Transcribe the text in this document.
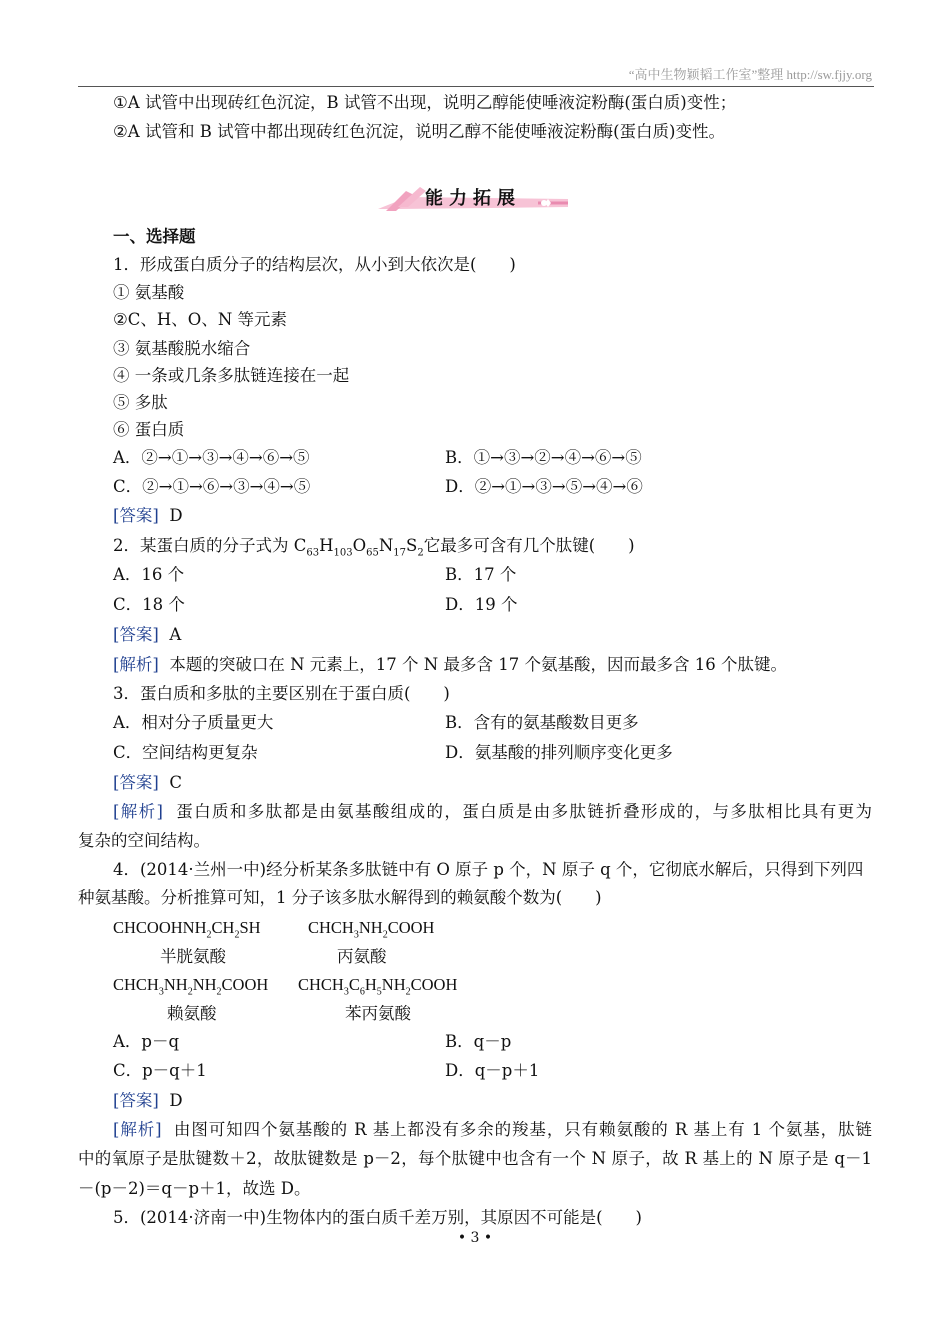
“高中生物颖韬工作室”整理 http://sw.fjjy.org
①A 试管中出现砖红色沉淀，B 试管不出现，说明乙醇能使唾液淀粉酶(蛋白质)变性；
②A 试管和 B 试管中都出现砖红色沉淀，说明乙醇不能使唾液淀粉酶(蛋白质)变性。
能力拓展
一、选择题
1．形成蛋白质分子的结构层次，从小到大依次是(　　)
① 氨基酸
②C、H、O、N 等元素
③ 氨基酸脱水缩合
④ 一条或几条多肽链连接在一起
⑤ 多肽
⑥ 蛋白质
A．②→①→③→④→⑥→⑤	B．①→③→②→④→⑥→⑤
C．②→①→⑥→③→④→⑤	D．②→①→③→⑤→④→⑥
[答案] D
2．某蛋白质的分子式为 $C_{63}H_{103}O_{65}N_{17}S_2$它最多可含有几个肽键(　　)
A．16 个	B．17 个
C．18 个	D．19 个
[答案] A
[解析] 本题的突破口在 N 元素上，17 个 N 最多含 17 个氨基酸，因而最多含 16 个肽键。
3．蛋白质和多肽的主要区别在于蛋白质(　　)
A．相对分子质量更大	B．含有的氨基酸数目更多
C．空间结构更复杂	D．氨基酸的排列顺序变化更多
[答案] C
[解析] 蛋白质和多肽都是由氨基酸组成的，蛋白质是由多肽链折叠形成的，与多肽相比具有更为
复杂的空间结构。
4．(2014·兰州一中)经分析某条多肽链中有 O 原子 p 个，N 原子 q 个，它彻底水解后，只得到下列四
种氨基酸。分析推算可知，1 分子该多肽水解得到的赖氨酸个数为(　　)
$CHCOOHNH_2CH_2SH$	$CHCH_3NH_2COOH$
半胱氨酸	丙氨酸
$CHCH_3NH_2NH_2COOH$ $CHCH_3C_6H_5NH_2COOH$
赖氨酸	苯丙氨酸
A．p－q	B．q－p
C．p－q＋1	D．q－p＋1
[答案] D
[解析] 由图可知四个氨基酸的 R 基上都没有多余的羧基，只有赖氨酸的 R 基上有 1 个氨基，肽链
中的氧原子是肽键数＋2，故肽键数是 p－2，每个肽键中也含有一个 N 原子，故 R 基上的 N 原子是 q－1
－(p－2)＝q－p＋1，故选 D。
5．(2014·济南一中)生物体内的蛋白质千差万别，其原因不可能是(　　)
• 3 •
